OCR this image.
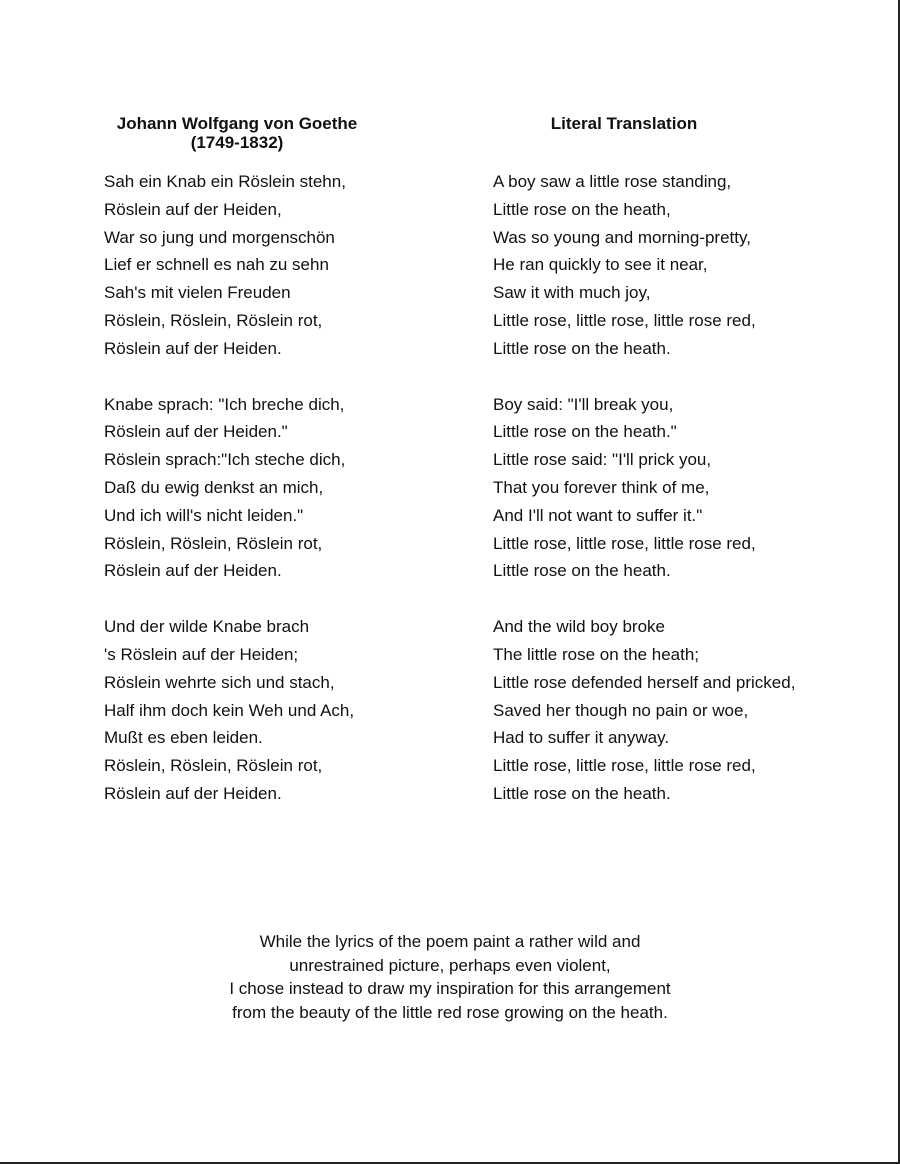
Johann Wolfgang von Goethe
(1749-1832)
Sah ein Knab ein Röslein stehn,
Röslein auf der Heiden,
War so jung und morgenschön
Lief er schnell es nah zu sehn
Sah's mit vielen Freuden
Röslein, Röslein, Röslein rot,
Röslein auf der Heiden.
Knabe sprach: "Ich breche dich,
Röslein auf der Heiden."
Röslein sprach:"Ich steche dich,
Daß du ewig denkst an mich,
Und ich will's nicht leiden."
Röslein, Röslein, Röslein rot,
Röslein auf der Heiden.
Und der wilde Knabe brach
's Röslein auf der Heiden;
Röslein wehrte sich und stach,
Half ihm doch kein Weh und Ach,
Mußt es eben leiden.
Röslein, Röslein, Röslein rot,
Röslein auf der Heiden.
Literal Translation
A boy saw a little rose standing,
Little rose on the heath,
Was so young and morning-pretty,
He ran quickly to see it near,
Saw it with much joy,
Little rose, little rose, little rose red,
Little rose on the heath.
Boy said: "I'll break you,
Little rose on the heath."
Little rose said: "I'll prick you,
That you forever think of me,
And I'll not want to suffer it."
Little rose, little rose, little rose red,
Little rose on the heath.
And the wild boy broke
The little rose on the heath;
Little rose defended herself and pricked,
Saved her though no pain or woe,
Had to suffer it anyway.
Little rose, little rose, little rose red,
Little rose on the heath.
While the lyrics of the poem paint a rather wild and
unrestrained picture, perhaps even violent,
I chose instead to draw my inspiration for this arrangement
from the beauty of the little red rose growing on the heath.
